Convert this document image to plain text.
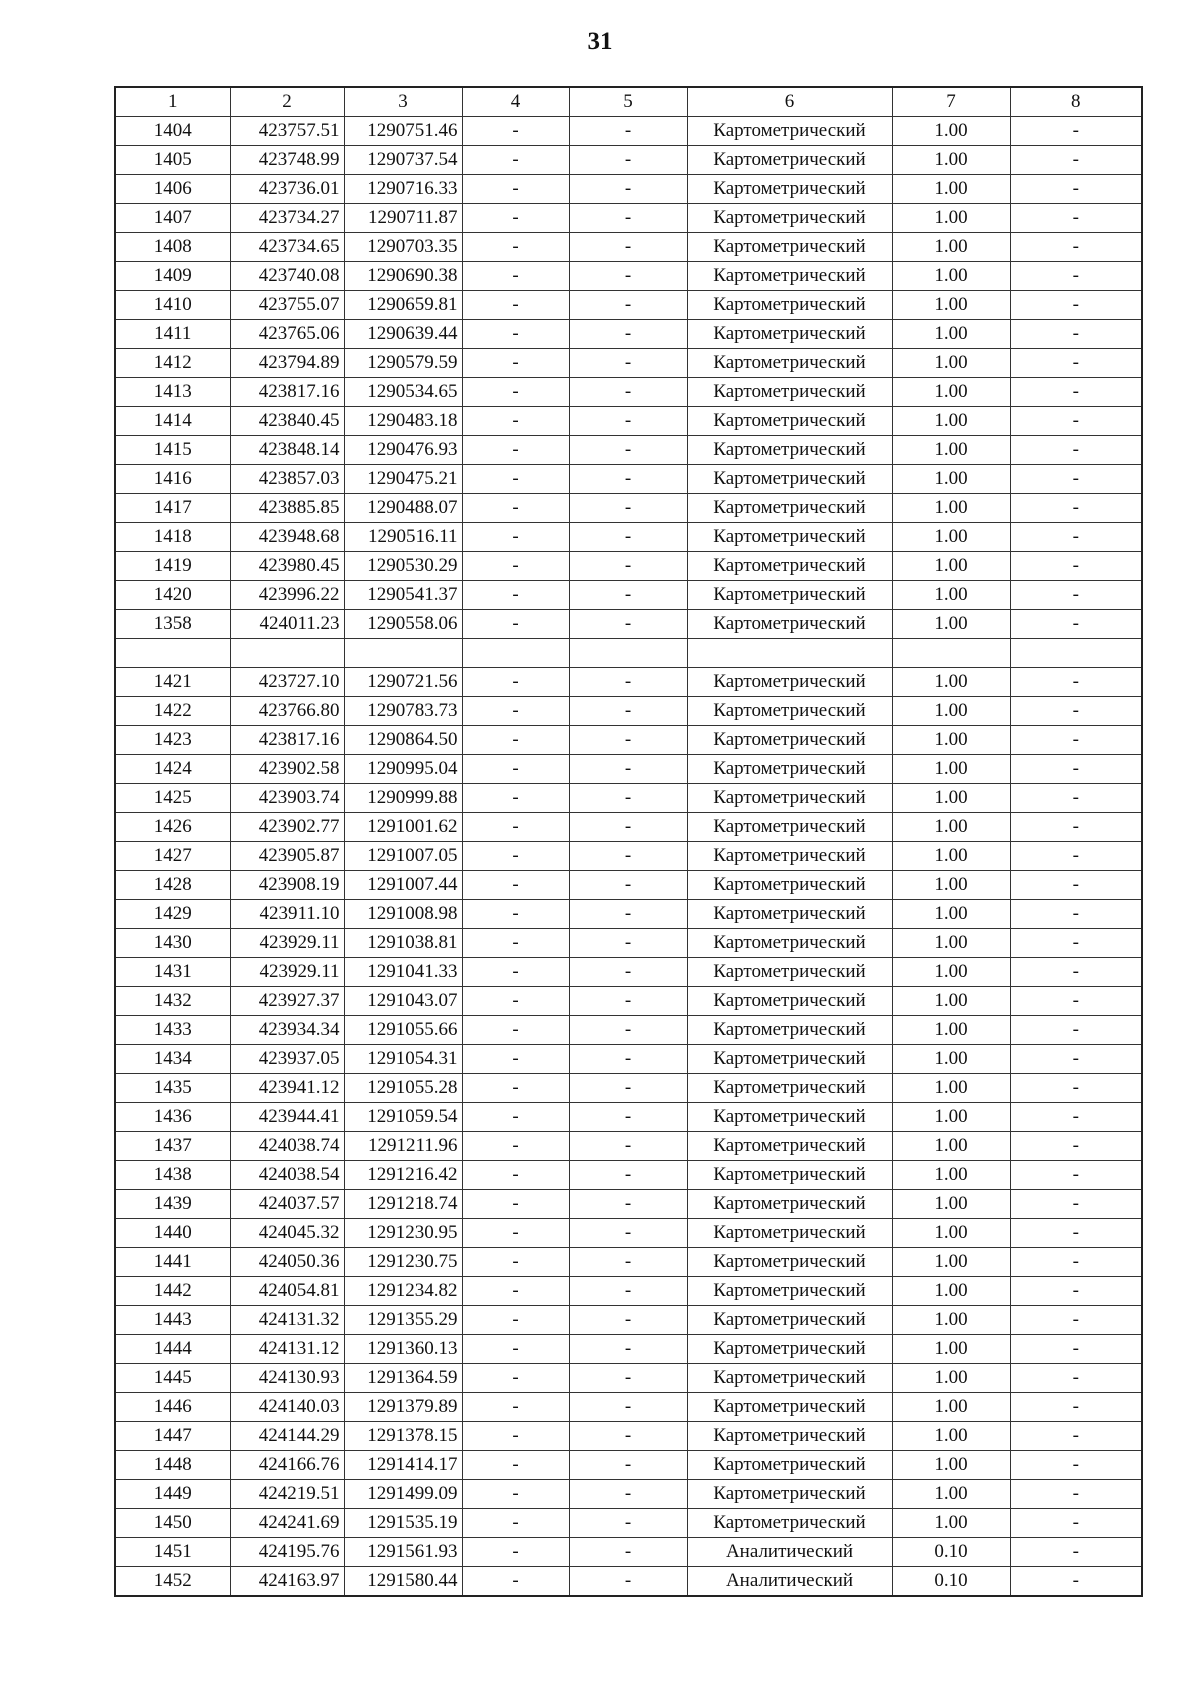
31
1	2	3	4	5	6	7	8
1404	423757.51	1290751.46	-	-	Картометрический	1.00	-
1405	423748.99	1290737.54	-	-	Картометрический	1.00	-
1406	423736.01	1290716.33	-	-	Картометрический	1.00	-
1407	423734.27	1290711.87	-	-	Картометрический	1.00	-
1408	423734.65	1290703.35	-	-	Картометрический	1.00	-
1409	423740.08	1290690.38	-	-	Картометрический	1.00	-
1410	423755.07	1290659.81	-	-	Картометрический	1.00	-
1411	423765.06	1290639.44	-	-	Картометрический	1.00	-
1412	423794.89	1290579.59	-	-	Картометрический	1.00	-
1413	423817.16	1290534.65	-	-	Картометрический	1.00	-
1414	423840.45	1290483.18	-	-	Картометрический	1.00	-
1415	423848.14	1290476.93	-	-	Картометрический	1.00	-
1416	423857.03	1290475.21	-	-	Картометрический	1.00	-
1417	423885.85	1290488.07	-	-	Картометрический	1.00	-
1418	423948.68	1290516.11	-	-	Картометрический	1.00	-
1419	423980.45	1290530.29	-	-	Картометрический	1.00	-
1420	423996.22	1290541.37	-	-	Картометрический	1.00	-
1358	424011.23	1290558.06	-	-	Картометрический	1.00	-

1421	423727.10	1290721.56	-	-	Картометрический	1.00	-
1422	423766.80	1290783.73	-	-	Картометрический	1.00	-
1423	423817.16	1290864.50	-	-	Картометрический	1.00	-
1424	423902.58	1290995.04	-	-	Картометрический	1.00	-
1425	423903.74	1290999.88	-	-	Картометрический	1.00	-
1426	423902.77	1291001.62	-	-	Картометрический	1.00	-
1427	423905.87	1291007.05	-	-	Картометрический	1.00	-
1428	423908.19	1291007.44	-	-	Картометрический	1.00	-
1429	423911.10	1291008.98	-	-	Картометрический	1.00	-
1430	423929.11	1291038.81	-	-	Картометрический	1.00	-
1431	423929.11	1291041.33	-	-	Картометрический	1.00	-
1432	423927.37	1291043.07	-	-	Картометрический	1.00	-
1433	423934.34	1291055.66	-	-	Картометрический	1.00	-
1434	423937.05	1291054.31	-	-	Картометрический	1.00	-
1435	423941.12	1291055.28	-	-	Картометрический	1.00	-
1436	423944.41	1291059.54	-	-	Картометрический	1.00	-
1437	424038.74	1291211.96	-	-	Картометрический	1.00	-
1438	424038.54	1291216.42	-	-	Картометрический	1.00	-
1439	424037.57	1291218.74	-	-	Картометрический	1.00	-
1440	424045.32	1291230.95	-	-	Картометрический	1.00	-
1441	424050.36	1291230.75	-	-	Картометрический	1.00	-
1442	424054.81	1291234.82	-	-	Картометрический	1.00	-
1443	424131.32	1291355.29	-	-	Картометрический	1.00	-
1444	424131.12	1291360.13	-	-	Картометрический	1.00	-
1445	424130.93	1291364.59	-	-	Картометрический	1.00	-
1446	424140.03	1291379.89	-	-	Картометрический	1.00	-
1447	424144.29	1291378.15	-	-	Картометрический	1.00	-
1448	424166.76	1291414.17	-	-	Картометрический	1.00	-
1449	424219.51	1291499.09	-	-	Картометрический	1.00	-
1450	424241.69	1291535.19	-	-	Картометрический	1.00	-
1451	424195.76	1291561.93	-	-	Аналитический	0.10	-
1452	424163.97	1291580.44	-	-	Аналитический	0.10	-
